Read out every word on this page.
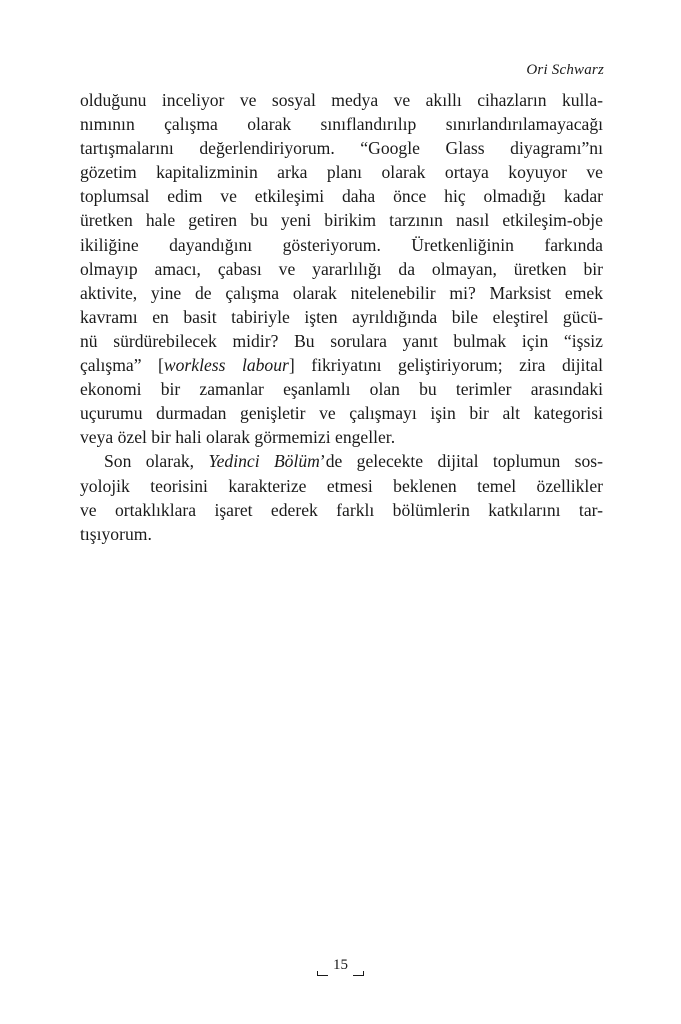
Ori Schwarz
olduğunu inceliyor ve sosyal medya ve akıllı cihazların kulla-
nımının çalışma olarak sınıflandırılıp sınırlandırılamayacağı
tartışmalarını değerlendiriyorum. “Google Glass diyagramı”nı
gözetim kapitalizminin arka planı olarak ortaya koyuyor ve
toplumsal edim ve etkileşimi daha önce hiç olmadığı kadar
üretken hale getiren bu yeni birikim tarzının nasıl etkileşim-obje
ikiliğine dayandığını gösteriyorum. Üretkenliğinin farkında
olmayıp amacı, çabası ve yararlılığı da olmayan, üretken bir
aktivite, yine de çalışma olarak nitelenebilir mi? Marksist emek
kavramı en basit tabiriyle işten ayrıldığında bile eleştirel gücü-
nü sürdürebilecek midir? Bu sorulara yanıt bulmak için “işsiz
çalışma” [workless labour] fikriyatını geliştiriyorum; zira dijital
ekonomi bir zamanlar eşanlamlı olan bu terimler arasındaki
uçurumu durmadan genişletir ve çalışmayı işin bir alt kategorisi
veya özel bir hali olarak görmemizi engeller.
Son olarak, Yedinci Bölüm’de gelecekte dijital toplumun sos-
yolojik teorisini karakterize etmesi beklenen temel özellikler
ve ortaklıklara işaret ederek farklı bölümlerin katkılarını tar-
tışıyorum.
15
